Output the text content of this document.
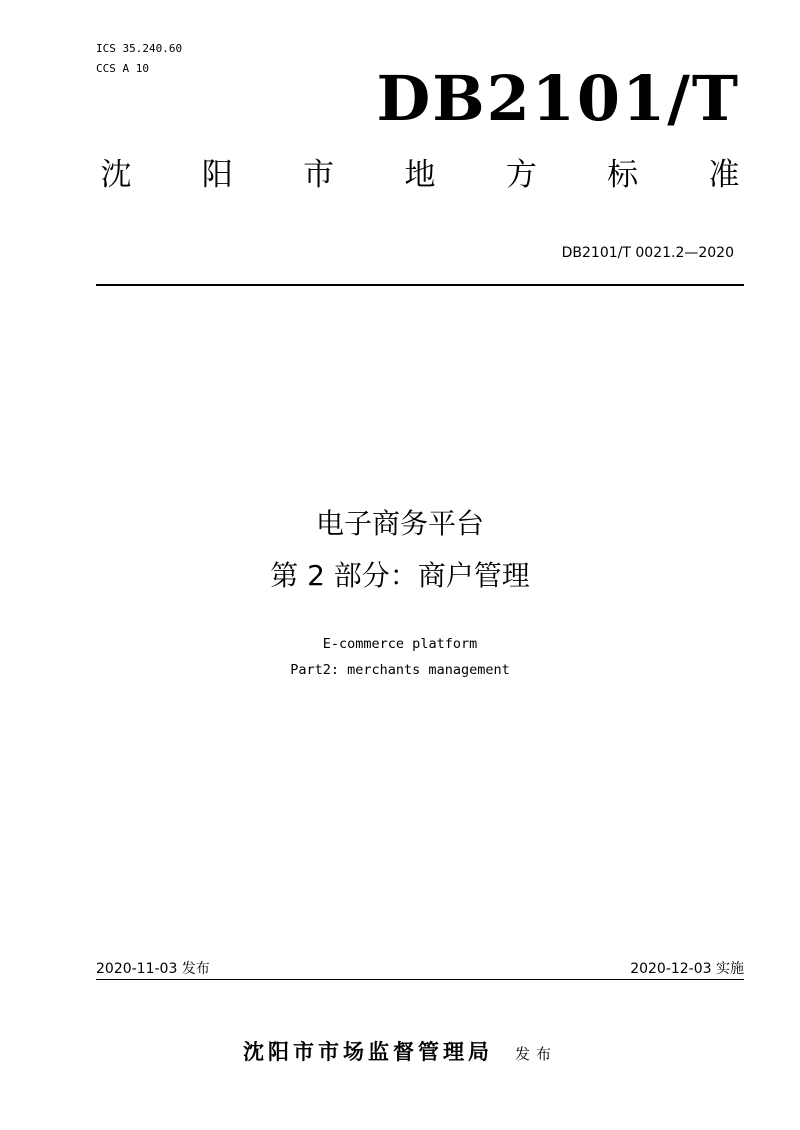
ICS 35.240.60
CCS A 10	DB2101/T
沈 阳 市 地 方 标 准
DB2101/T 0021.2—2020
电子商务平台
第 2 部分：商户管理
E-commerce platform
Part2: merchants management
2020-11-03 发布	2020-12-03 实施
沈阳市市场监督管理局 发布
